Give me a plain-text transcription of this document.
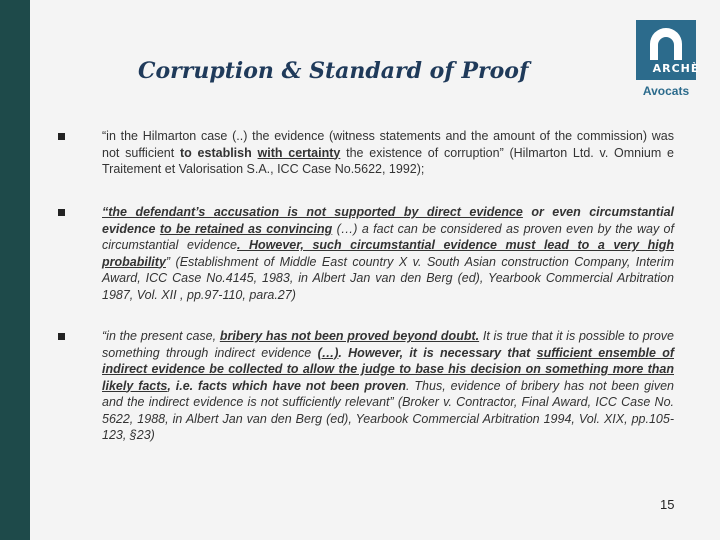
Corruption & Standard of Proof	ARCHÈ
Avocats

“in the Hilmarton case (..) the evidence (witness statements and the amount of the commission) was not sufficient to establish with certainty the existence of corruption” (Hilmarton Ltd. v. Omnium e Traitement et Valorisation S.A., ICC Case No.5622, 1992);

“the defendant’s accusation is not supported by direct evidence or even circumstantial evidence to be retained as convincing (…) a fact can be considered as proven even by the way of circumstantial evidence. However, such circumstantial evidence must lead to a very high probability” (Establishment of Middle East country X v. South Asian construction Company, Interim Award, ICC Case No.4145, 1983, in Albert Jan van den Berg (ed), Yearbook Commercial Arbitration 1987, Vol. XII , pp.97-110, para.27)

“in the present case, bribery has not been proved beyond doubt. It is true that it is possible to prove something through indirect evidence (…). However, it is necessary that sufficient ensemble of indirect evidence be collected to allow the judge to base his decision on something more than likely facts, i.e. facts which have not been proven. Thus, evidence of bribery has not been given and the indirect evidence is not sufficiently relevant” (Broker v. Contractor, Final Award, ICC Case No. 5622, 1988, in Albert Jan van den Berg (ed), Yearbook Commercial Arbitration 1994, Vol. XIX, pp.105-123, §23)

15
